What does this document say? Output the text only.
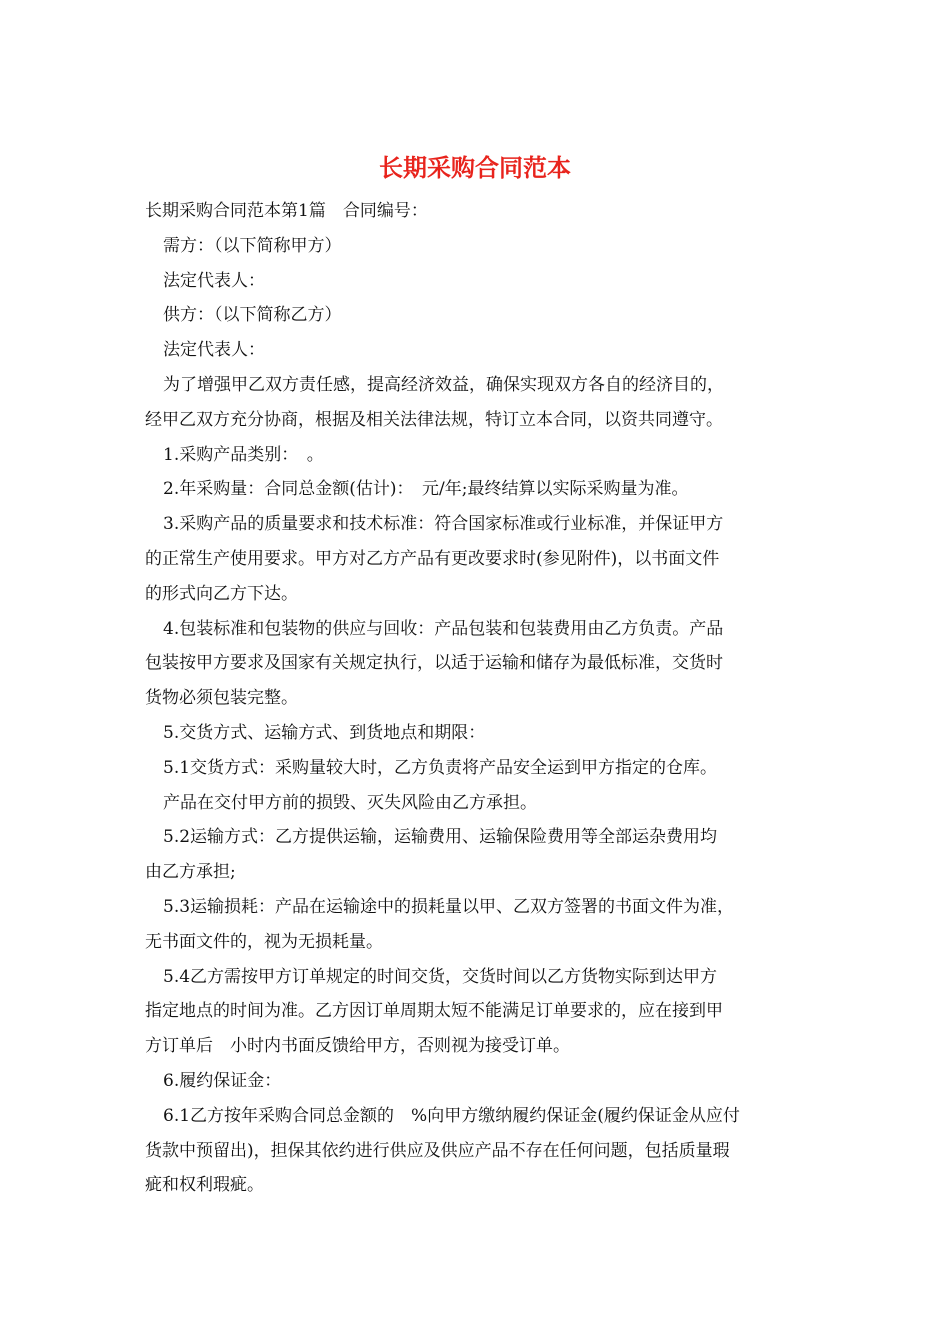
长期采购合同范本
长期采购合同范本第1篇　合同编号：
需方：（以下简称甲方）
法定代表人：
供方：（以下简称乙方）
法定代表人：
为了增强甲乙双方责任感，提高经济效益，确保实现双方各自的经济目的，
经甲乙双方充分协商，根据及相关法律法规，特订立本合同，以资共同遵守。
1.采购产品类别：　。
2.年采购量：合同总金额(估计)：　元/年;最终结算以实际采购量为准。
3.采购产品的质量要求和技术标准：符合国家标准或行业标准，并保证甲方
的正常生产使用要求。甲方对乙方产品有更改要求时(参见附件)，以书面文件
的形式向乙方下达。
4.包装标准和包装物的供应与回收：产品包装和包装费用由乙方负责。产品
包装按甲方要求及国家有关规定执行，以适于运输和储存为最低标准，交货时
货物必须包装完整。
5.交货方式、运输方式、到货地点和期限：
5.1交货方式：采购量较大时，乙方负责将产品安全运到甲方指定的仓库。
产品在交付甲方前的损毁、灭失风险由乙方承担。
5.2运输方式：乙方提供运输，运输费用、运输保险费用等全部运杂费用均
由乙方承担;
5.3运输损耗：产品在运输途中的损耗量以甲、乙双方签署的书面文件为准，
无书面文件的，视为无损耗量。
5.4乙方需按甲方订单规定的时间交货，交货时间以乙方货物实际到达甲方
指定地点的时间为准。乙方因订单周期太短不能满足订单要求的，应在接到甲
方订单后　小时内书面反馈给甲方，否则视为接受订单。
6.履约保证金：
6.1乙方按年采购合同总金额的　%向甲方缴纳履约保证金(履约保证金从应付
货款中预留出)，担保其依约进行供应及供应产品不存在任何问题，包括质量瑕
疵和权利瑕疵。
